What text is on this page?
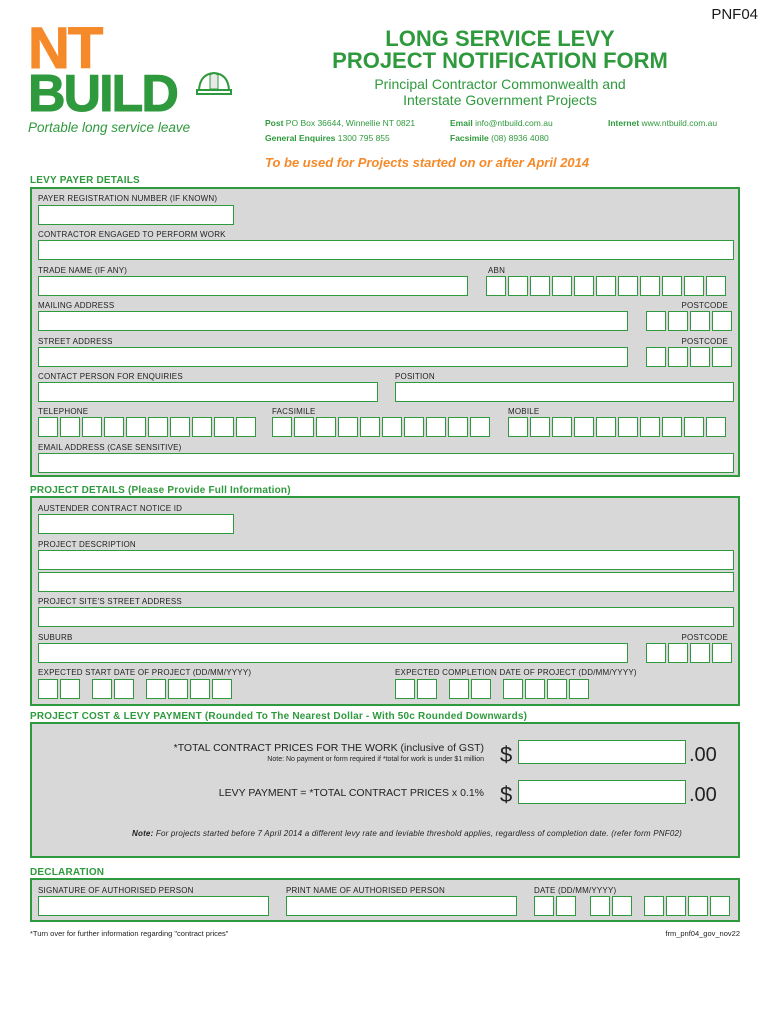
PNF04
NT
BUILD
Portable long service leave
LONG SERVICE LEVY
PROJECT NOTIFICATION FORM
Principal Contractor Commonwealth and
Interstate Government Projects
Post PO Box 36644, Winnellie NT 0821
General Enquires 1300 795 855
Email info@ntbuild.com.au
Facsimile (08) 8936 4080
Internet www.ntbuild.com.au
To be used for Projects started on or after April 2014
LEVY PAYER DETAILS
PAYER REGISTRATION NUMBER (IF KNOWN)
CONTRACTOR ENGAGED TO PERFORM WORK
TRADE NAME (IF ANY)	ABN
MAILING ADDRESS	POSTCODE
STREET ADDRESS	POSTCODE
CONTACT PERSON FOR ENQUIRIES	POSITION
TELEPHONE	FACSIMILE	MOBILE
EMAIL ADDRESS (CASE SENSITIVE)
PROJECT DETAILS (Please Provide Full Information)
AUSTENDER CONTRACT NOTICE ID
PROJECT DESCRIPTION
PROJECT SITE'S STREET ADDRESS
SUBURB	POSTCODE
EXPECTED START DATE OF PROJECT (DD/MM/YYYY)	EXPECTED COMPLETION DATE OF PROJECT (DD/MM/YYYY)
PROJECT COST & LEVY PAYMENT (Rounded To The Nearest Dollar - With 50c Rounded Downwards)
*TOTAL CONTRACT PRICES FOR THE WORK (inclusive of GST)
Note: No payment or form required if *total for work is under $1 million $	.00
LEVY PAYMENT = *TOTAL CONTRACT PRICES x 0.1% $	.00
Note: For projects started before 7 April 2014 a different levy rate and leviable threshold applies, regardless of completion date. (refer form PNF02)
DECLARATION
SIGNATURE OF AUTHORISED PERSON	PRINT NAME OF AUTHORISED PERSON	DATE (DD/MM/YYYY)
*Turn over for further information regarding "contract prices"	frm_pnf04_gov_nov22
